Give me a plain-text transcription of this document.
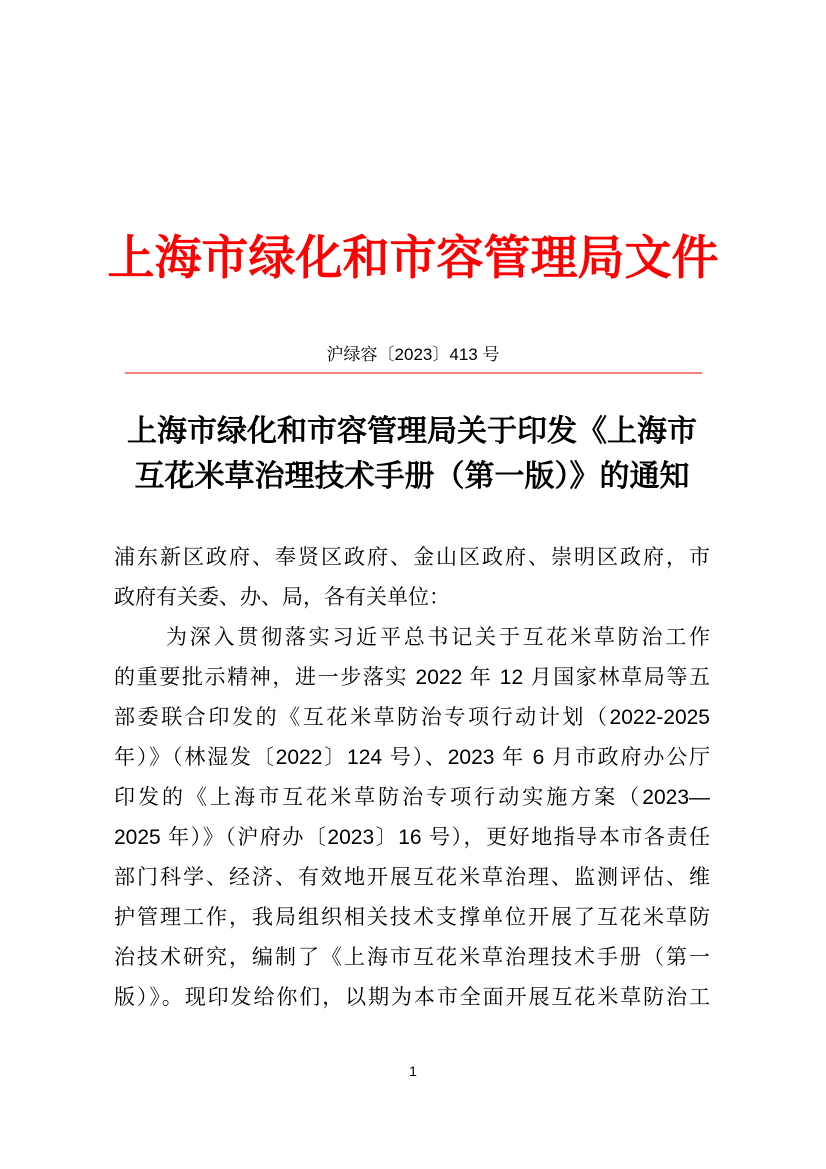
上海市绿化和市容管理局文件
沪绿容〔2023〕413 号
上海市绿化和市容管理局关于印发《上海市
互花米草治理技术手册（第一版）》的通知
浦东新区政府、奉贤区政府、金山区政府、崇明区政府，市
政府有关委、办、局，各有关单位：
为深入贯彻落实习近平总书记关于互花米草防治工作
的重要批示精神，进一步落实 2022 年 12 月国家林草局等五
部委联合印发的《互花米草防治专项行动计划（2022-2025
年）》（林湿发〔2022〕124 号）、2023 年 6 月市政府办公厅
印发的《上海市互花米草防治专项行动实施方案（2023—
2025 年）》（沪府办〔2023〕16 号），更好地指导本市各责任
部门科学、经济、有效地开展互花米草治理、监测评估、维
护管理工作，我局组织相关技术支撑单位开展了互花米草防
治技术研究，编制了《上海市互花米草治理技术手册（第一
版）》。现印发给你们，以期为本市全面开展互花米草防治工
1
